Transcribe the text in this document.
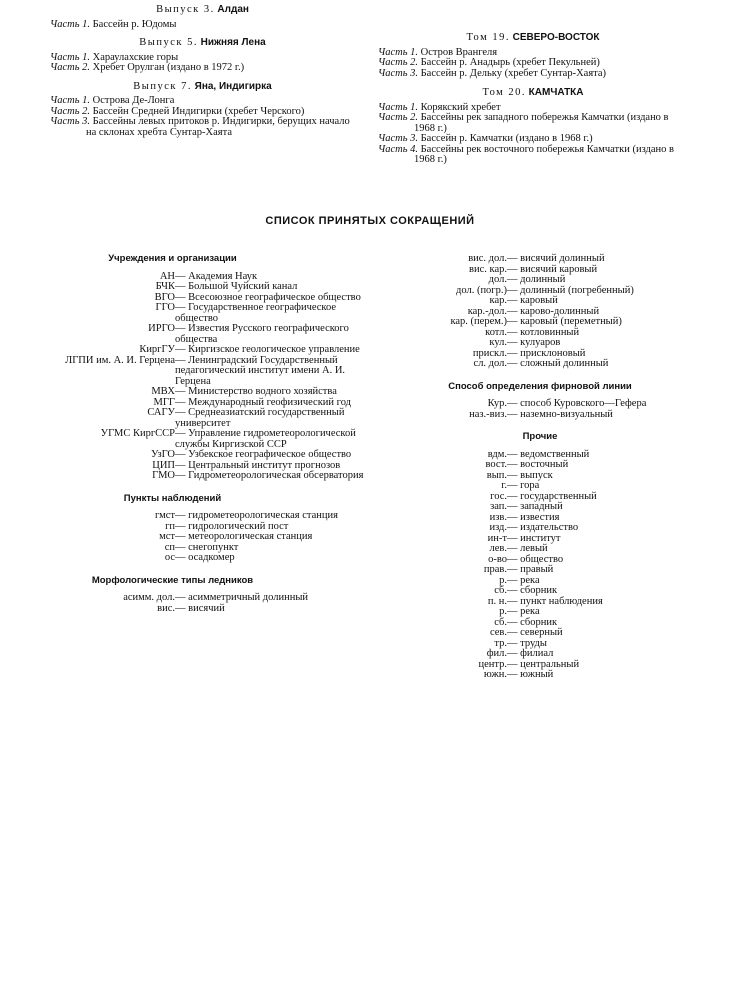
Выпуск 3. Алдан

Часть 1. Бассейн р. Юдомы

Выпуск 5. Нижняя Лена

Часть 1. Хараулахские горы

Часть 2. Хребет Орулган (издано в 1972 г.)

Выпуск 7. Яна, Индигирка

Часть 1. Острова Де-Лонга

Часть 2. Бассейн Средней Индигирки (хребет Черского)

Часть 3. Бассейны левых притоков р. Индигирки, берущих начало на склонах хребта Сунтар-Хаята

Том 19. СЕВЕРО-ВОСТОК

Часть 1. Остров Врангеля

Часть 2. Бассейн р. Анадырь (хребет Пекульней)

Часть 3. Бассейн р. Дельку (хребет Сунтар-Хаята)

Том 20. КАМЧАТКА

Часть 1. Корякский хребет

Часть 2. Бассейны рек западного побережья Камчатки (издано в 1968 г.)

Часть 3. Бассейн р. Камчатки (издано в 1968 г.)

Часть 4. Бассейны рек восточного побережья Камчатки (издано в 1968 г.)

СПИСОК ПРИНЯТЫХ СОКРАЩЕНИЙ
Учреждения и организации
АН	— Академия Наук
БЧК	— Большой Чуйский канал
ВГО	— Всесоюзное географическое общество
ГГО	— Государственное географическое общество
ИРГО	— Известия Русского географического общества
КиргГУ	— Киргизское геологическое управление
ЛГПИ им. А. И. Герцена	— Ленинградский Государственный педагогический институт имени А. И. Герцена
МВХ	— Министерство водного хозяйства
МГГ	— Международный геофизический год
САГУ	— Среднеазиатский государственный университет
УГМС КиргССР	— Управление гидрометеорологической службы Киргизской ССР
УзГО	— Узбекское географическое общество
ЦИП	— Центральный институт прогнозов
ГМО	— Гидрометеорологическая обсерватория
Пункты наблюдений
гмст	— гидрометеорологическая станция
гп	— гидрологический пост
мст	— метеорологическая станция
сп	— снегопункт
ос	— осадкомер
Морфологические типы ледников
асимм. дол.	— асимметричный долинный
вис.	— висячий
вис. дол.	— висячий долинный
вис. кар.	— висячий каровый
дол.	— долинный
дол. (погр.)	— долинный (погребенный)
кар.	— каровый
кар.-дол.	— карово-долинный
кар. (перем.)	— каровый (переметный)
котл.	— котловинный
кул.	— кулуаров
прискл.	— присклоновый
сл. дол.	— сложный долинный
Способ определения фирновой линии
Кур.	— способ Куровского—Гефера
наз.-виз.	— наземно-визуальный
Прочие
вдм.	— ведомственный
вост.	— восточный
вып.	— выпуск
г.	— гора
гос.	— государственный
зап.	— западный
изв.	— известия
изд.	— издательство
ин-т	— институт
лев.	— левый
о-во	— общество
прав.	— правый
р.	— река
сб.	— сборник
п. н.	— пункт наблюдения
р.	— река
сб.	— сборник
сев.	— северный
тр.	— труды
фил.	— филиал
центр.	— центральный
южн.	— южный
